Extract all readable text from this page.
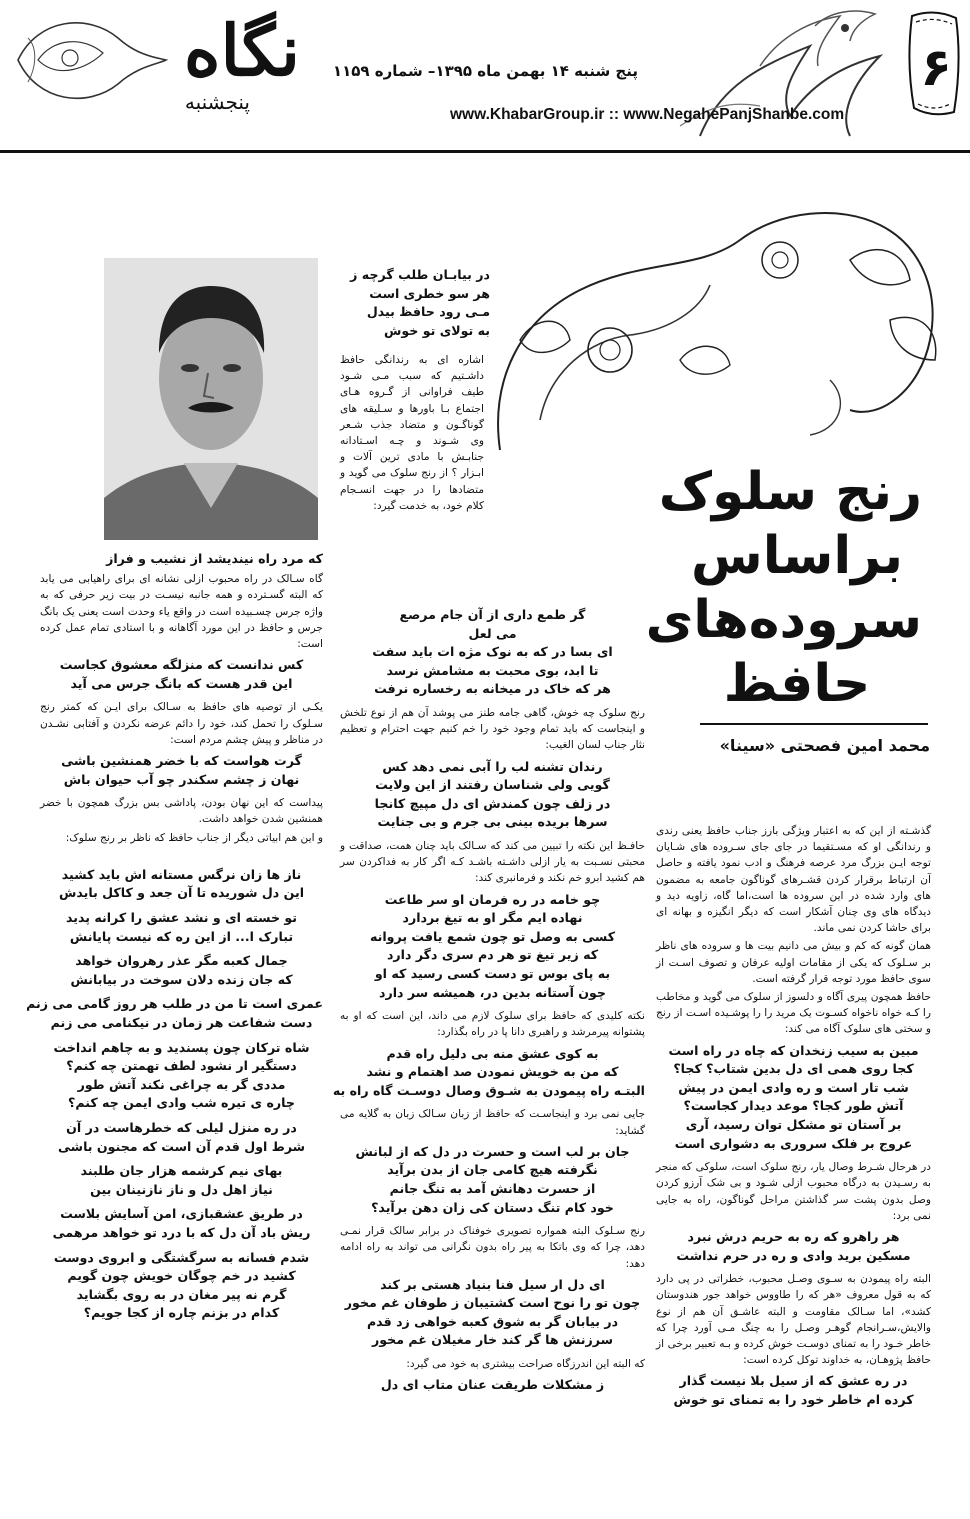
۶
پنج شنبه ۱۴ بهمن ماه ۱۳۹۵– شماره ۱۱۵۹
www.KhabarGroup.ir :: www.NegahePanjShanbe.com
نگاه
پنجشنبه
رنج سلوک
براساس
سروده‌های
حافظ
محمد امین فصحتی «سینا»

گذشـته از این که به اعتبار ویژگی بارز جناب حافظ یعنی رندی و رندانگی او که مسـتقیما در جای جای سـروده های شـایان توجه ایـن بزرگ مرد عرصه فرهنگ و ادب نمود یافته و حاصل آن ارتباط برقرار کردن قشـرهای گوناگون جامعه به مضمون های وارد شده در این سروده ها است،اما گاه، زاویه دید و دیدگاه های وی چنان آشکار است که دیگر انگیزه و بهانه ای برای حاشا کردن نمی ماند.

همان گونه که کم و بیش می دانیم بیت ها و سروده های ناظر بر سـلوک که یکی از مقامات اولیه عرفان و تصوف اسـت از سوی حافظ مورد توجه قرار گرفته است.

حافظ همچون پیری آگاه و دلسوز از سلوک می گوید و مخاطب را کـه خواه ناخواه کسـوت یک مرید را را پوشـیده اسـت از رنج و سختی های سلوک آگاه می کند:

مبین به سیب زنخدان که چاه در راه است
کجا روی همی ای دل بدین شتاب؟ کجا؟
شب تار است و ره وادی ایمن در پیش
آتش طور کجا؟ موعد دیدار کجاست؟
بر آستان تو مشکل توان رسید، آری
عروج بر فلک سروری به دشواری است

در هرحال شـرط وصال یار، رنج سلوک است، سلوکی که منجر به رسـیدن به درگاه محبوب ازلی شـود و بی شک آرزو کردن وصل بدون پشت سر گذاشتن مراحل گوناگون، راه به جایی نمی برد:

هر راهرو که ره به حریم درش نبرد
مسکین برید وادی و ره در حرم نداشت

البته راه پیمودن به سـوی وصـل محبوب، خطراتی در پی دارد که به قول معروف «هر که را طاووس خواهد جور هندوستان کشد»، اما سـالک مقاومت و البته عاشـق آن هم از نوع والایش،سـرانجام گوهـر وصـل را به چنگ مـی آورد چرا که خاطر خـود را به تمنای دوسـت خوش کرده و بـه تعبیر برخی از حافظ پژوهـان، به خداوند توکل کرده است:

در ره عشق که از سیل بلا نیست گذار
کرده ام خاطر خود را به تمنای تو خوش
در بیابـان طلب گرچه ز
هر سو خطری است
مـی رود حافظ بیدل
به تولای تو خوش

اشاره ای به رندانگی حافظ داشـتیم که سبب مـی شـود طیف فراوانی از گـروه هـای اجتماع بـا باورها و سـلیقه های گوناگـون و متضاد جذب شـعر وی شـوند و چـه اسـتادانه جنابـش با مادی ترین آلات و ابـزار ؟ از رنج سلوک می گوید و متضادها را در جهت انسـجام کلام خود، به خدمت گیرد:

گر طمع داری از آن جام مرصع
می لعل
ای بسا در که به نوک مژه ات باید سفت
تا ابد، بوی محبت به مشامش نرسد
هر که خاک در میخانه به رخساره نرفت

رنج سلوک چه خوش، گاهی جامه طنز می پوشد آن هم از نوع تلخش و اینجاست که باید تمام وجود خود را خم کنیم جهت احترام و تعظیم نثار جناب لسان الغیب:

رندان تشنه لب را آبی نمی دهد کس
گویی ولی شناسان رفتند از این ولایت
در زلف چون کمندش ای دل مپیچ کانجا
سرها بریده بینی بی جرم و بی جنایت

حافـظ این نکته را تبیین می کند که سـالک باید چنان همت، صداقت و محبتی نسـبت به یار ازلی داشـته باشـد کـه اگر کار به فداکردن سر هم کشید ابرو خم نکند و فرمانبری کند:

چو خامه در ره فرمان او سر طاعت
نهاده ایم مگر او به تیغ بردارد
کسی به وصل تو چون شمع یافت پروانه
که زیر تیغ تو هر دم سری دگر دارد
به پای بوس تو دست کسی رسید که او
چون آستانه بدین در، همیشه سر دارد

نکته کلیدی که حافظ برای سلوک لازم می داند، این است که او به پشتوانه پیرمرشد و راهبری دانا پا در راه بگذارد:

به کوی عشق منه بی دلیل راه قدم
که من به خویش نمودن صد اهتمام و نشد
البتـه راه پیمودن به شـوق وصال دوسـت گاه راه به

جایی نمی برد و اینجاسـت که حافظ از زبان سـالک زبان به گلایه می گشاید:

جان بر لب است و حسرت در دل که از لبانش
نگرفته هیچ کامی جان از بدن برآید
از حسرت دهانش آمد به تنگ جانم
خود کام تنگ دستان کی زان دهن برآید؟

رنج سـلوک البته همواره تصویری خوفناک در برابر سالک قرار نمـی دهد، چرا که وی باتکا به پیر راه بدون نگرانی می تواند به راه ادامه دهد:

ای دل ار سیل فنا بنیاد هستی بر کند
چون تو را نوح است کشتیبان ز طوفان غم مخور
در بیابان گر به شوق کعبه خواهی زد قدم
سرزنش ها گر کند خار مغیلان غم مخور

که البته این اندرزگاه صراحت بیشتری به خود می گیرد:

ز مشکلات طریقت عنان متاب ای دل
که مرد راه نیندیشد از نشیب و فراز

گاه سـالک در راه محبوب ازلی نشانه ای برای راهیابی می یابد که البته گسـترده و همه جانبه نیسـت در بیت زیر حرفی که به واژه جرس چسـبیده است در واقع یاء وحدت است یعنی یک بانگ جرس و حافظ در این مورد آگاهانه و با استادی تمام عمل کرده است:

کس ندانست که منزلگه معشوق کجاست
این قدر هست که بانگ جرس می آید

یکـی از توصیه های حافظ به سـالک برای ایـن که کمتر رنج سـلوک را تحمل کند، خود را دائم عرضه نکردن و آفتابی نشـدن در مناظر و پیش چشم مردم است:

گرت هواست که با خضر همنشین باشی
نهان ز چشم سکندر چو آب حیوان باش

پیداست که این نهان بودن، پاداشی بس بزرگ همچون با خضر همنشین شدن خواهد داشت.

و این هم ابیاتی دیگر از جناب حافظ که ناظر بر رنج سلوک:

ناز ها زان نرگس مستانه اش باید کشید
این دل شوریده تا آن جعد و کاکل بایدش
تو خسته ای و نشد عشق را کرانه پدید
تبارک ا... از این ره که نیست پایانش
جمال کعبه مگر عذر رهروان خواهد
که جان زنده دلان سوخت در بیابانش
عمری است تا من در طلب هر روز گامی می زنم
دست شفاعت هر زمان در نیکنامی می زنم
شاه ترکان چون پسندید و به چاهم انداخت
دستگیر ار نشود لطف تهمتن چه کنم؟
مددی گر به چراغی نکند آتش طور
چاره ی تیره شب وادی ایمن چه کنم؟
در ره منزل لیلی که خطرهاست در آن
شرط اول قدم آن است که مجنون باشی
بهای نیم کرشمه هزار جان طلبند
نیاز اهل دل و ناز نازنینان بین
در طریق عشقبازی، امن آسایش بلاست
ریش باد آن دل که با درد تو خواهد مرهمی
شدم فسانه به سرگشتگی و ابروی دوست
کشید در خم چوگان خویش چون گویم
گرم نه پیر مغان در به روی بگشاید
کدام در بزنم چاره از کجا جویم؟
